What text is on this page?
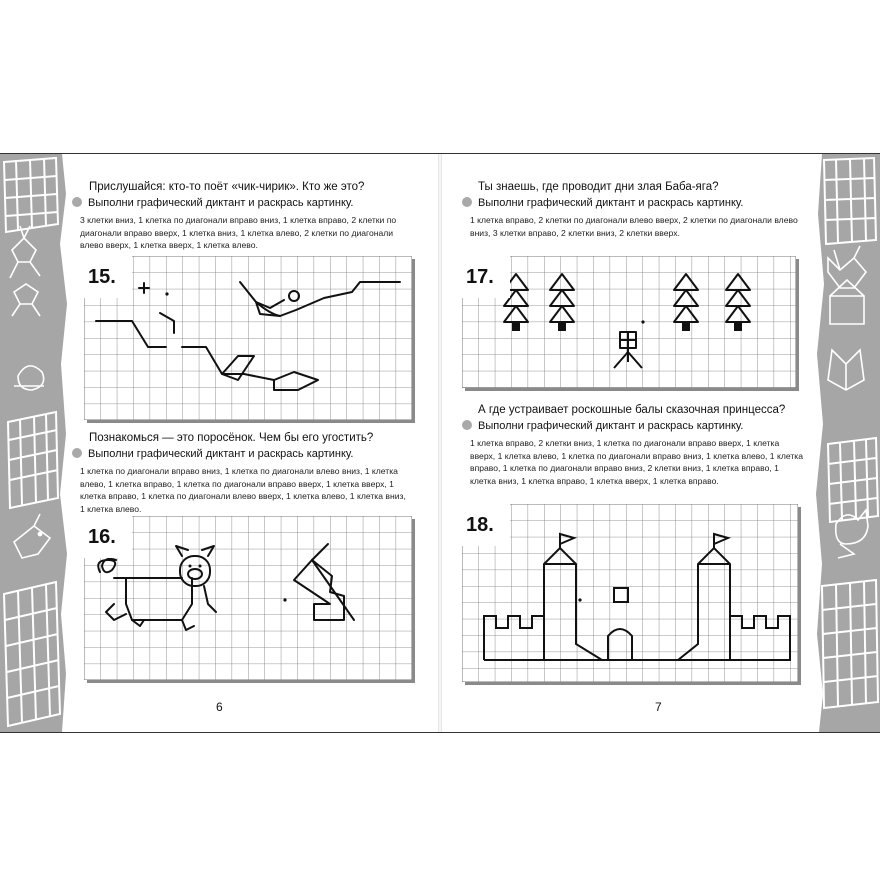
Прислушайся: кто-то поёт «чик-чирик». Кто же это?
Выполни графический диктант и раскрась картинку.
3 клетки вниз, 1 клетка по диагонали вправо вниз, 1 клетка вправо, 2 клетки по диагонали вправо вверх, 1 клетка вниз, 1 клетка влево, 2 клетки по диагонали влево вверх, 1 клетка вверх, 1 клетка влево.
15.
Познакомься — это поросёнок. Чем бы его угостить?
Выполни графический диктант и раскрась картинку.
1 клетка по диагонали вправо вниз, 1 клетка по диагонали влево вниз, 1 клетка влево, 1 клетка вправо, 1 клетка по диагонали вправо вверх, 1 клетка вверх, 1 клетка вправо, 1 клетка по диагонали влево вверх, 1 клетка влево, 1 клетка вниз, 1 клетка влево.
16.
6
Ты знаешь, где проводит дни злая Баба-яга?
Выполни графический диктант и раскрась картинку.
1 клетка вправо, 2 клетки по диагонали влево вверх, 2 клетки по диагонали влево вниз, 3 клетки вправо, 2 клетки вниз, 2 клетки вверх.
17.
А где устраивает роскошные балы сказочная принцесса?
Выполни графический диктант и раскрась картинку.
1 клетка вправо, 2 клетки вниз, 1 клетка по диагонали вправо вверх, 1 клетка вверх, 1 клетка влево, 1 клетка по диагонали вправо вниз, 1 клетка влево, 1 клетка вправо, 1 клетка по диагонали вправо вниз, 2 клетки вниз, 1 клетка вправо, 1 клетка вниз, 1 клетка вправо, 1 клетка вверх, 1 клетка вправо.
18.
7
